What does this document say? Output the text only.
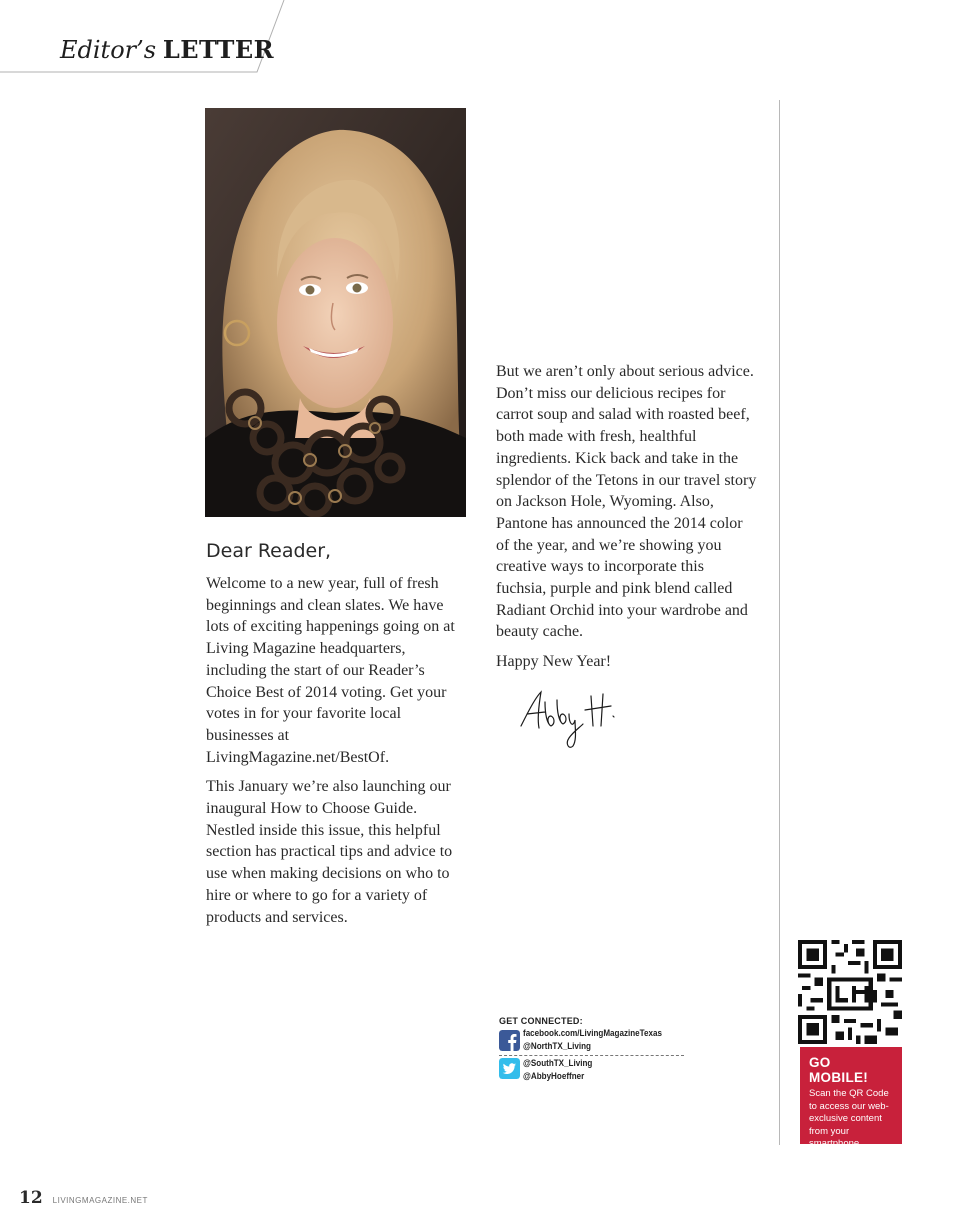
Editor’s LETTER
Dear Reader,

Welcome to a new year, full of fresh beginnings and clean slates. We have lots of exciting happenings going on at Living Magazine headquarters, including the start of our Reader’s Choice Best of 2014 voting. Get your votes in for your favorite local businesses at LivingMagazine.net/BestOf.

This January we’re also launching our inaugural How to Choose Guide. Nestled inside this issue, this helpful section has practical tips and advice to use when making decisions on who to hire or where to go for a variety of products and services.

But we aren’t only about serious advice. Don’t miss our delicious recipes for carrot soup and salad with roasted beef, both made with fresh, healthful ingredients. Kick back and take in the splendor of the Tetons in our travel story on Jackson Hole, Wyoming. Also, Pantone has announced the 2014 color of the year, and we’re showing you creative ways to incorporate this fuchsia, purple and pink blend called Radiant Orchid into your wardrobe and beauty cache.

Happy New Year!

GET CONNECTED:
facebook.com/LivingMagazineTexas
@NorthTX_Living
@SouthTX_Living
@AbbyHoeffner
GO MOBILE!
Scan the QR Code to access our web-exclusive content from your smartphone.
12 LIVINGMAGAZINE.NET
